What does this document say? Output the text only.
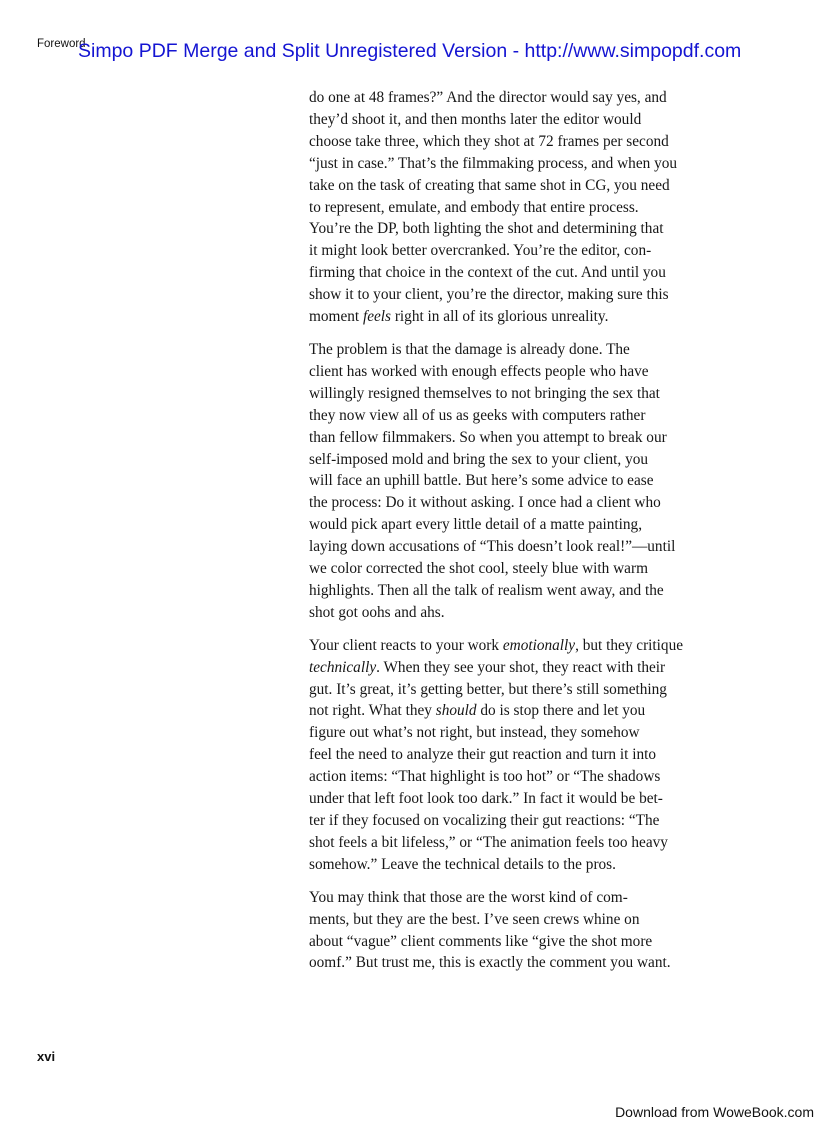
Foreword
Simpo PDF Merge and Split Unregistered Version - http://www.simpopdf.com

do one at 48 frames?” And the director would say yes, and
they’d shoot it, and then months later the editor would
choose take three, which they shot at 72 frames per second
“just in case.” That’s the filmmaking process, and when you
take on the task of creating that same shot in CG, you need
to represent, emulate, and embody that entire process.
You’re the DP, both lighting the shot and determining that
it might look better overcranked. You’re the editor, con-
firming that choice in the context of the cut. And until you
show it to your client, you’re the director, making sure this
moment feels right in all of its glorious unreality.

The problem is that the damage is already done. The
client has worked with enough effects people who have
willingly resigned themselves to not bringing the sex that
they now view all of us as geeks with computers rather
than fellow filmmakers. So when you attempt to break our
self-imposed mold and bring the sex to your client, you
will face an uphill battle. But here’s some advice to ease
the process: Do it without asking. I once had a client who
would pick apart every little detail of a matte painting,
laying down accusations of “This doesn’t look real!”—until
we color corrected the shot cool, steely blue with warm
highlights. Then all the talk of realism went away, and the
shot got oohs and ahs.

Your client reacts to your work emotionally, but they critique
technically. When they see your shot, they react with their
gut. It’s great, it’s getting better, but there’s still something
not right. What they should do is stop there and let you
figure out what’s not right, but instead, they somehow
feel the need to analyze their gut reaction and turn it into
action items: “That highlight is too hot” or “The shadows
under that left foot look too dark.” In fact it would be bet-
ter if they focused on vocalizing their gut reactions: “The
shot feels a bit lifeless,” or “The animation feels too heavy
somehow.” Leave the technical details to the pros.

You may think that those are the worst kind of com-
ments, but they are the best. I’ve seen crews whine on
about “vague” client comments like “give the shot more
oomf.” But trust me, this is exactly the comment you want.

xvi
Download from WoweBook.com
